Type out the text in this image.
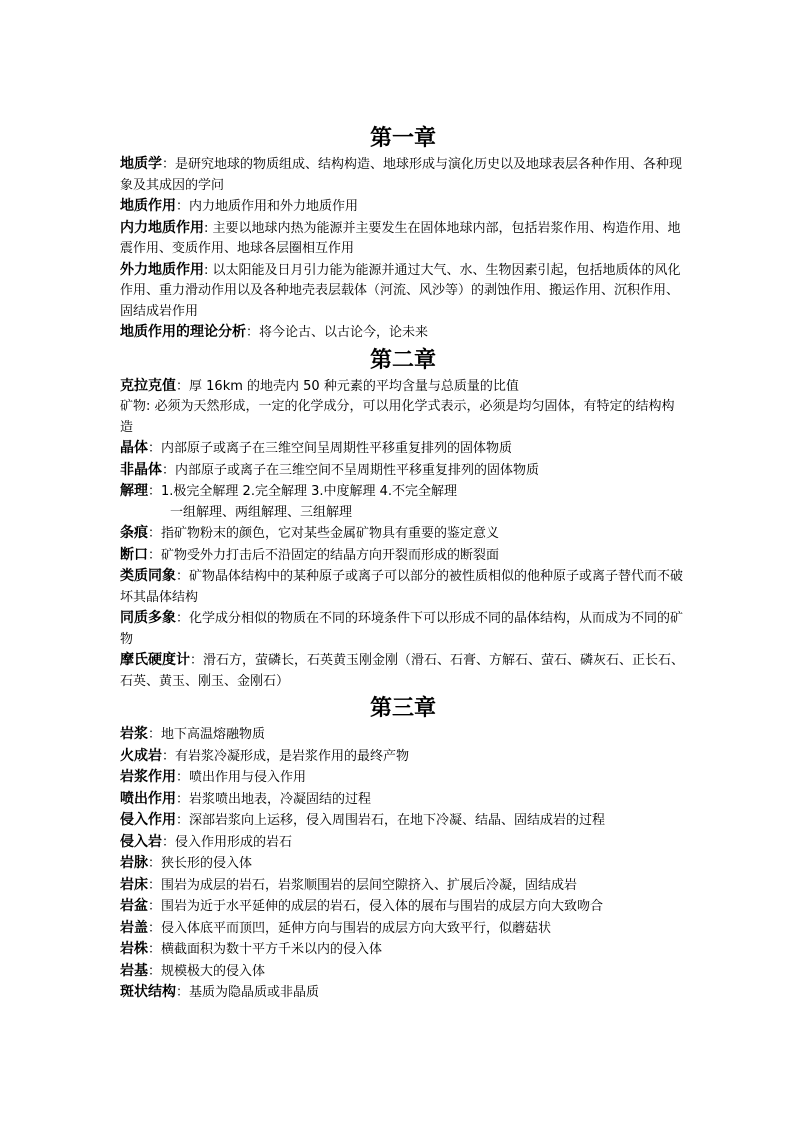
第一章

地质学：是研究地球的物质组成、结构构造、地球形成与演化历史以及地球表层各种作用、各种现象及其成因的学问

地质作用：内力地质作用和外力地质作用

内力地质作用: 主要以地球内热为能源并主要发生在固体地球内部，包括岩浆作用、构造作用、地震作用、变质作用、地球各层圈相互作用

外力地质作用: 以太阳能及日月引力能为能源并通过大气、水、生物因素引起，包括地质体的风化作用、重力滑动作用以及各种地壳表层载体（河流、风沙等）的剥蚀作用、搬运作用、沉积作用、固结成岩作用

地质作用的理论分析：将今论古、以古论今，论未来

第二章

克拉克值：厚 16km 的地壳内 50 种元素的平均含量与总质量的比值

矿物: 必须为天然形成，一定的化学成分，可以用化学式表示，必须是均匀固体，有特定的结构构造

晶体：内部原子或离子在三维空间呈周期性平移重复排列的固体物质

非晶体：内部原子或离子在三维空间不呈周期性平移重复排列的固体物质

解理：1.极完全解理 2.完全解理 3.中度解理 4.不完全解理

一组解理、两组解理、三组解理

条痕：指矿物粉末的颜色，它对某些金属矿物具有重要的鉴定意义

断口：矿物受外力打击后不沿固定的结晶方向开裂而形成的断裂面

类质同象：矿物晶体结构中的某种原子或离子可以部分的被性质相似的他种原子或离子替代而不破坏其晶体结构

同质多象：化学成分相似的物质在不同的环境条件下可以形成不同的晶体结构，从而成为不同的矿物

摩氏硬度计：滑石方，萤磷长，石英黄玉刚金刚（滑石、石膏、方解石、萤石、磷灰石、正长石、石英、黄玉、刚玉、金刚石）

第三章

岩浆：地下高温熔融物质

火成岩：有岩浆冷凝形成，是岩浆作用的最终产物

岩浆作用：喷出作用与侵入作用

喷出作用：岩浆喷出地表，冷凝固结的过程

侵入作用：深部岩浆向上运移，侵入周围岩石，在地下冷凝、结晶、固结成岩的过程

侵入岩：侵入作用形成的岩石

岩脉：狭长形的侵入体

岩床：围岩为成层的岩石，岩浆顺围岩的层间空隙挤入、扩展后冷凝，固结成岩

岩盆：围岩为近于水平延伸的成层的岩石，侵入体的展布与围岩的成层方向大致吻合

岩盖：侵入体底平而顶凹，延伸方向与围岩的成层方向大致平行，似蘑菇状

岩株：横截面积为数十平方千米以内的侵入体

岩基：规模极大的侵入体

斑状结构：基质为隐晶质或非晶质
